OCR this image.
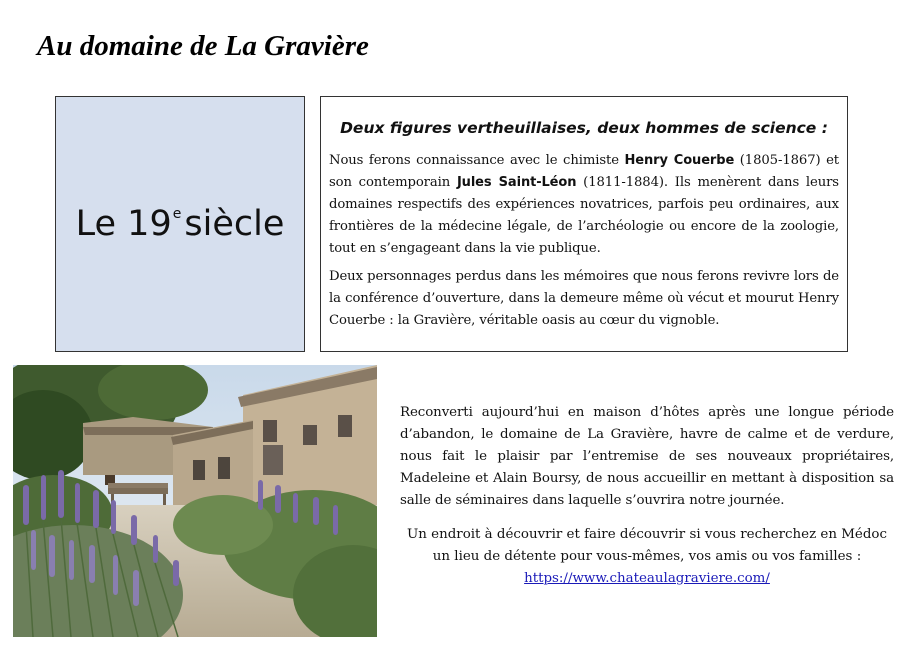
Au domaine de La Gravière
Le 19esiècle

Deux figures vertheuillaises, deux hommes de science :

Nous ferons connaissance avec le chimiste Henry Couerbe (1805-1867) et son contemporain Jules Saint-Léon (1811-1884). Ils menèrent dans leurs domaines respectifs des expériences novatrices, parfois peu ordinaires, aux frontières de la médecine légale, de l’archéologie ou encore de la zoologie, tout en s’engageant dans la vie publique.

Deux personnages perdus dans les mémoires que nous ferons revivre lors de la conférence d’ouverture, dans la demeure même où vécut et mourut Henry Couerbe : la Gravière, véritable oasis au cœur du vignoble.

Reconverti aujourd’hui en maison d’hôtes après une longue période d’abandon, le domaine de La Gravière, havre de calme et de verdure, nous fait le plaisir par l’entremise de ses nouveaux propriétaires, Madeleine et Alain Boursy, de nous accueillir en mettant à disposition sa salle de séminaires dans laquelle s’ouvrira notre journée.

Un endroit à découvrir et faire découvrir si vous recherchez en Médoc
un lieu de détente pour vous-mêmes, vos amis ou vos familles :
https://www.chateaulagraviere.com/
